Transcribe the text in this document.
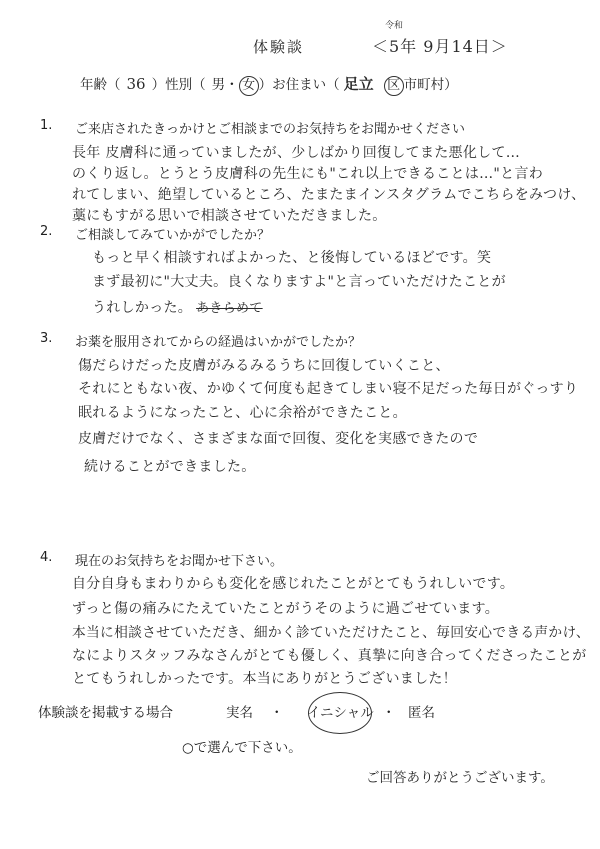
体験談
令和
＜5年 9月14日＞
年齢（ 36 ）性別（ 男・ 女 ）お住まい（ 足立 区 市町村）
1. ご来店されたきっかけとご相談までのお気持ちをお聞かせください
長年 皮膚科に通っていましたが、少しばかり回復してまた悪化して…
のくり返し。とうとう皮膚科の先生にも"これ以上できることは…"と言わ
れてしまい、絶望しているところ、たまたまインスタグラムでこちらをみつけ、
藁にもすがる思いで相談させていただきました。
2. ご相談してみていかがでしたか？
もっと早く相談すればよかった、と後悔しているほどです。笑
まず最初に"大丈夫。良くなりますよ"と言っていただけたことが
うれしかった。 あきらめて
3. お薬を服用されてからの経過はいかがでしたか？
傷だらけだった皮膚がみるみるうちに回復していくこと、
それにともない夜、かゆくて何度も起きてしまい寝不足だった毎日がぐっすり
眠れるようになったこと、心に余裕ができたこと。
皮膚だけでなく、さまざまな面で回復、変化を実感できたので
続けることができました。
4. 現在のお気持ちをお聞かせ下さい。
自分自身もまわりからも変化を感じれたことがとてもうれしいです。
ずっと傷の痛みにたえていたことがうそのように過ごせています。
本当に相談させていただき、細かく診ていただけたこと、毎回安心できる声かけ、
なによりスタッフみなさんがとても優しく、真摯に向き合ってくださったことが
とてもうれしかったです。本当にありがとうございました！
体験談を掲載する場合	実名 ・ イニシャル ・ 匿名
○で選んで下さい。
ご回答ありがとうございます。
